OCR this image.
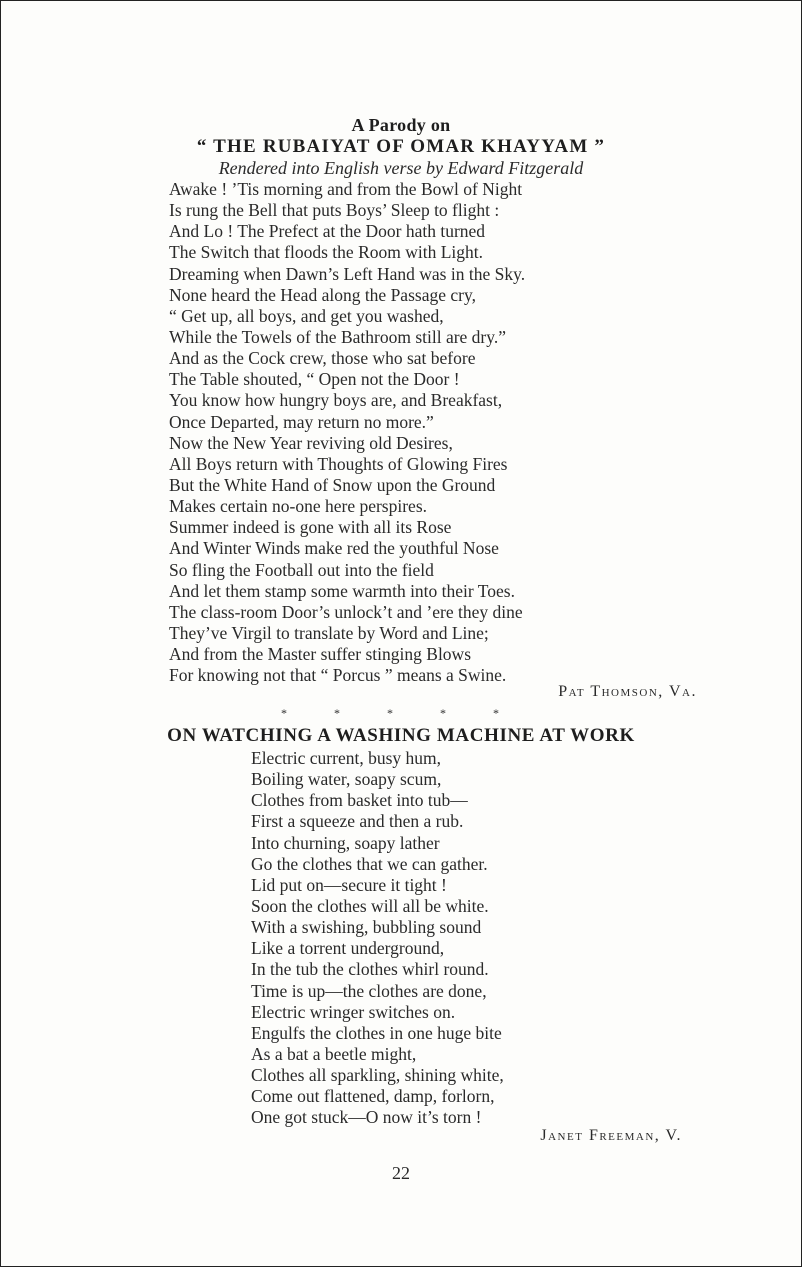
A Parody on
“ THE RUBAIYAT OF OMAR KHAYYAM ”
Rendered into English verse by Edward Fitzgerald
Awake ! ’Tis morning and from the Bowl of Night
Is rung the Bell that puts Boys’ Sleep to flight :
And Lo ! The Prefect at the Door hath turned
The Switch that floods the Room with Light.
Dreaming when Dawn’s Left Hand was in the Sky.
None heard the Head along the Passage cry,
“ Get up, all boys, and get you washed,
While the Towels of the Bathroom still are dry.”
And as the Cock crew, those who sat before
The Table shouted, “ Open not the Door !
You know how hungry boys are, and Breakfast,
Once Departed, may return no more.”
Now the New Year reviving old Desires,
All Boys return with Thoughts of Glowing Fires
But the White Hand of Snow upon the Ground
Makes certain no-one here perspires.
Summer indeed is gone with all its Rose
And Winter Winds make red the youthful Nose
So fling the Football out into the field
And let them stamp some warmth into their Toes.
The class-room Door’s unlock’t and ’ere they dine
They’ve Virgil to translate by Word and Line;
And from the Master suffer stinging Blows
For knowing not that “ Porcus ” means a Swine.
Pat Thomson, Va.
* * * * *
ON WATCHING A WASHING MACHINE AT WORK
Electric current, busy hum,
Boiling water, soapy scum,
Clothes from basket into tub—
First a squeeze and then a rub.
Into churning, soapy lather
Go the clothes that we can gather.
Lid put on—secure it tight !
Soon the clothes will all be white.
With a swishing, bubbling sound
Like a torrent underground,
In the tub the clothes whirl round.
Time is up—the clothes are done,
Electric wringer switches on.
Engulfs the clothes in one huge bite
As a bat a beetle might,
Clothes all sparkling, shining white,
Come out flattened, damp, forlorn,
One got stuck—O now it’s torn !
Janet Freeman, V.
22
